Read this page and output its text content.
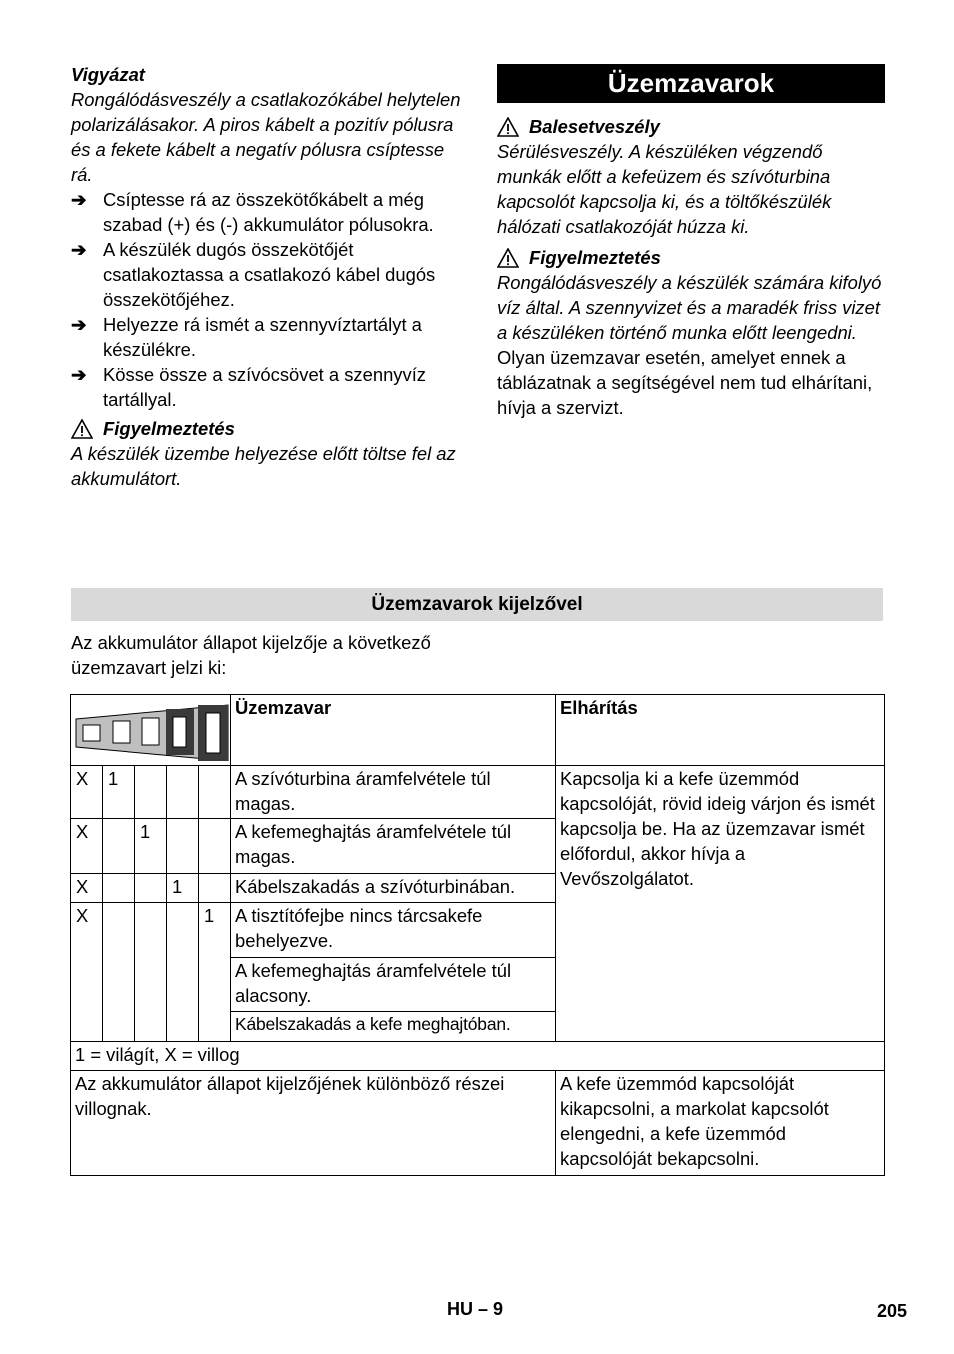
Vigyázat

Rongálódásveszély a csatlakozókábel helytelen polarizálásakor. A piros kábelt a pozitív pólusra és a fekete kábelt a negatív pólusra csíptesse rá.

➔ Csíptesse rá az összekötőkábelt a még szabad (+) és (-) akkumulátor pólusokra.
➔ A készülék dugós összekötőjét csatlakoztassa a csatlakozó kábel dugós összekötőjéhez.
➔ Helyezze rá ismét a szennyvíztartályt a készülékre.
➔ Kösse össze a szívócsövet a szennyvíz tartállyal.
Figyelmeztetés

A készülék üzembe helyezése előtt töltse fel az akkumulátort.

Üzemzavarok
Balesetveszély

Sérülésveszély. A készüléken végzendő munkák előtt a kefeüzem és szívóturbina kapcsolót kapcsolja ki, és a töltőkészülék hálózati csatlakozóját húzza ki.

Figyelmeztetés

Rongálódásveszély a készülék számára kifolyó víz által. A szennyvizet és a maradék friss vizet a készüléken történő munka előtt leengedni.

Olyan üzemzavar esetén, amelyet ennek a táblázatnak a segítségével nem tud elhárítani, hívja a szervizt.

Üzemzavarok kijelzővel

Az akkumulátor állapot kijelzője a következő üzemzavart jelzi ki:

	Üzemzavar	Elhárítás
X	1				A szívóturbina áramfelvétele túl magas.	Kapcsolja ki a kefe üzemmód kapcsolóját, rövid ideig várjon és ismét kapcsolja be. Ha az üzemzavar ismét előfordul, akkor hívja a Vevőszolgálatot.
X		1			A kefemeghajtás áramfelvétele túl magas.	
X			1		Kábelszakadás a szívóturbinában.	
X				1	A tisztítófejbe nincs tárcsakefe behelyezve.	
					A kefemeghajtás áramfelvétele túl alacsony.	
					Kábelszakadás a kefe meghajtóban.	
1 = világít, X = villog						
Az akkumulátor állapot kijelzőjének különböző részei villognak.						A kefe üzemmód kapcsolóját kikapcsolni, a markolat kapcsolót elengedni, a kefe üzemmód kapcsolóját bekapcsolni.
HU – 9	205
